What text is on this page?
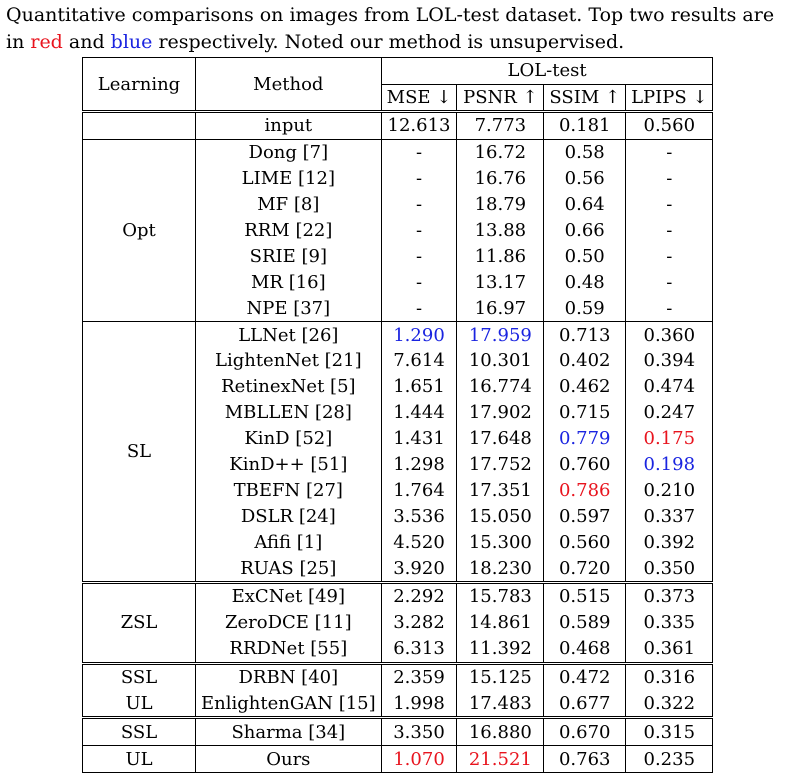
Quantitative comparisons on images from LOL-test dataset. Top two results are in red and blue respectively. Noted our method is unsupervised.
Learning	Method	LOL-test			
		MSE ↓	PSNR ↑	SSIM ↑	LPIPS ↓
	input	12.613	7.773	0.181	0.560
Opt	Dong [7]	-	16.72	0.58	-
	LIME [12]	-	16.76	0.56	-
	MF [8]	-	18.79	0.64	-
	RRM [22]	-	13.88	0.66	-
	SRIE [9]	-	11.86	0.50	-
	MR [16]	-	13.17	0.48	-
	NPE [37]	-	16.97	0.59	-
SL	LLNet [26]	1.290	17.959	0.713	0.360
	LightenNet [21]	7.614	10.301	0.402	0.394
	RetinexNet [5]	1.651	16.774	0.462	0.474
	MBLLEN [28]	1.444	17.902	0.715	0.247
	KinD [52]	1.431	17.648	0.779	0.175
	KinD++ [51]	1.298	17.752	0.760	0.198
	TBEFN [27]	1.764	17.351	0.786	0.210
	DSLR [24]	3.536	15.050	0.597	0.337
	Afifi [1]	4.520	15.300	0.560	0.392
	RUAS [25]	3.920	18.230	0.720	0.350
ZSL	ExCNet [49]	2.292	15.783	0.515	0.373
	ZeroDCE [11]	3.282	14.861	0.589	0.335
	RRDNet [55]	6.313	11.392	0.468	0.361
SSL	DRBN [40]	2.359	15.125	0.472	0.316
UL	EnlightenGAN [15]	1.998	17.483	0.677	0.322
SSL	Sharma [34]	3.350	16.880	0.670	0.315
UL	Ours	1.070	21.521	0.763	0.235
